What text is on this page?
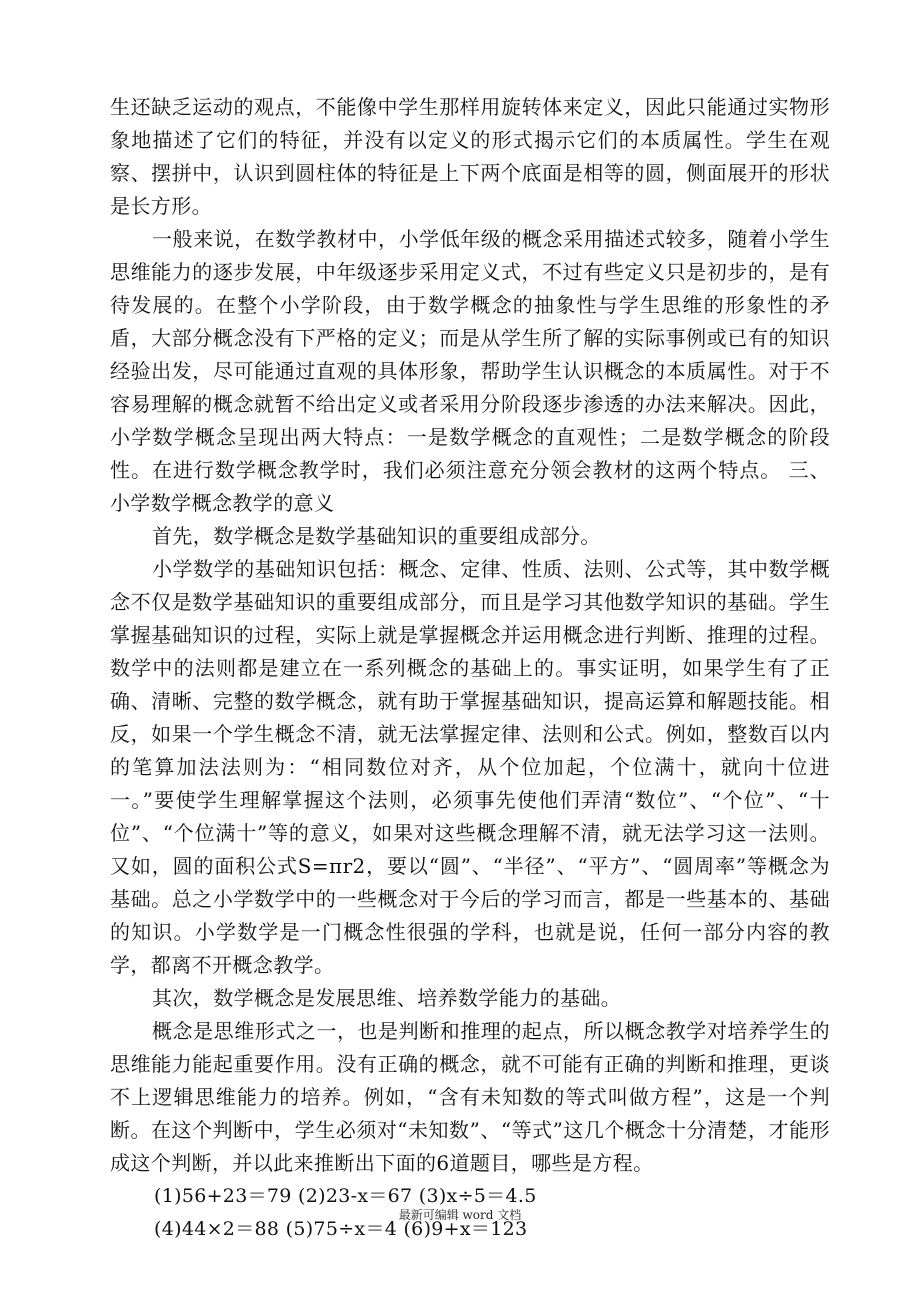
生还缺乏运动的观点，不能像中学生那样用旋转体来定义，因此只能通过实物形象地描述了它们的特征，并没有以定义的形式揭示它们的本质属性。学生在观察、摆拼中，认识到圆柱体的特征是上下两个底面是相等的圆，侧面展开的形状是长方形。

一般来说，在数学教材中，小学低年级的概念采用描述式较多，随着小学生思维能力的逐步发展，中年级逐步采用定义式，不过有些定义只是初步的，是有待发展的。在整个小学阶段，由于数学概念的抽象性与学生思维的形象性的矛盾，大部分概念没有下严格的定义；而是从学生所了解的实际事例或已有的知识经验出发，尽可能通过直观的具体形象，帮助学生认识概念的本质属性。对于不容易理解的概念就暂不给出定义或者采用分阶段逐步渗透的办法来解决。因此，小学数学概念呈现出两大特点：一是数学概念的直观性；二是数学概念的阶段性。在进行数学概念教学时，我们必须注意充分领会教材的这两个特点。 三、小学数学概念教学的意义

首先，数学概念是数学基础知识的重要组成部分。

小学数学的基础知识包括：概念、定律、性质、法则、公式等，其中数学概念不仅是数学基础知识的重要组成部分，而且是学习其他数学知识的基础。学生掌握基础知识的过程，实际上就是掌握概念并运用概念进行判断、推理的过程。数学中的法则都是建立在一系列概念的基础上的。事实证明，如果学生有了正确、清晰、完整的数学概念，就有助于掌握基础知识，提高运算和解题技能。相反，如果一个学生概念不清，就无法掌握定律、法则和公式。例如，整数百以内的笔算加法法则为：“相同数位对齐，从个位加起，个位满十，就向十位进一。”要使学生理解掌握这个法则，必须事先使他们弄清“数位”、“个位”、“十位”、“个位满十”等的意义，如果对这些概念理解不清，就无法学习这一法则。又如，圆的面积公式S=πr2，要以“圆”、“半径”、“平方”、“圆周率”等概念为基础。总之小学数学中的一些概念对于今后的学习而言，都是一些基本的、基础的知识。小学数学是一门概念性很强的学科，也就是说，任何一部分内容的教学，都离不开概念教学。

其次，数学概念是发展思维、培养数学能力的基础。

概念是思维形式之一，也是判断和推理的起点，所以概念教学对培养学生的思维能力能起重要作用。没有正确的概念，就不可能有正确的判断和推理，更谈不上逻辑思维能力的培养。例如，“含有未知数的等式叫做方程”，这是一个判断。在这个判断中，学生必须对“未知数”、“等式”这几个概念十分清楚，才能形成这个判断，并以此来推断出下面的6道题目，哪些是方程。

(1)56+23＝79 (2)23-x＝67 (3)x÷5＝4.5

(4)44×2＝88 (5)75÷x＝4 (6)9+x＝123

最新可编辑 word 文档
